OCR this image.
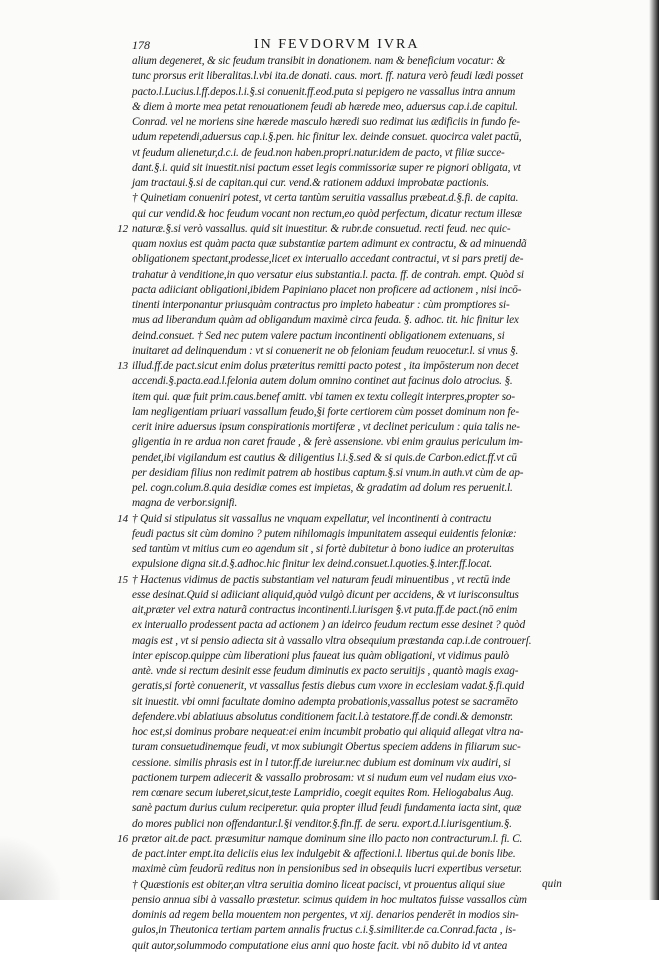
178	IN FEVDORVM IVRA
alium degeneret, & sic feudum transibit in donationem. nam & beneficium vocatur: &
tunc prorsus erit liberalitas.l.vbi ita.de donati. caus. mort. ff. natura verò feudi lædi posset
pacto.l.Lucius.l.ff.depos.l.i.§.si conuenit.ff.eod.puta si pepigero ne vassallus intra annum
& diem à morte mea petat renouationem feudi ab hærede meo, aduersus cap.i.de capitul.
Conrad. vel ne moriens sine hærede masculo hæredi suo redimat ius ædificiis in fundo fe-
udum repetendi,aduersus cap.i.§.pen. hic finitur lex. deinde consuet. quocirca valet pactū,
vt feudum alienetur,d.c.i. de feud.non haben.propri.natur.idem de pacto, vt filiæ succe-
dant.§.i. quid sit inuestit.nisi pactum esset legis commissoriæ super re pignori obligata, vt
jam tractaui.§.si de capitan.qui cur. vend.& rationem adduxi improbatæ pactionis.
† Quinetiam conueniri potest, vt certa tantùm seruitia vassallus præbeat.d.§.fi. de capita.
qui cur vendid.& hoc feudum vocant non rectum,eo quòd perfectum, dicatur rectum illesæ
naturæ.§.si verò vassallus. quid sit inuestitur. & rubr.de consuetud. recti feud. nec quic-
12
quam noxius est quàm pacta quæ substantiæ partem adimunt ex contractu, & ad minuendã
obligationem spectant,prodesse,licet ex interuallo accedant contractui, vt si pars pretij de-
trahatur à venditione,in quo versatur eius substantia.l. pacta. ff. de contrah. empt. Quòd si
pacta adiiciant obligationi,ibidem Papiniano placet non proficere ad actionem , nisi incō-
tinenti interponantur priusquàm contractus pro impleto habeatur : cùm promptiores si-
mus ad liberandum quàm ad obligandum maximè circa feuda. §. adhoc. tit. hic finitur lex
deind.consuet. † Sed nec putem valere pactum incontinenti obligationem extenuans, si
inuitaret ad delinquendum : vt si conuenerit ne ob feloniam feudum reuocetur.l. si vnus §.
illud.ff.de pact.sicut enim dolus præteritus remitti pacto potest , ita impōsterum non decet
13
accendi.§.pacta.ead.l.felonia autem dolum omnino continet aut facinus dolo atrocius. §.
item qui. quæ fuit prim.caus.benef amitt. vbi tamen ex textu collegit interpres,propter so-
lam negligentiam priuari vassallum feudo,§i forte certiorem cùm posset dominum non fe-
cerit inire aduersus ipsum conspirationis mortiferæ , vt declinet periculum : quia talis ne-
gligentia in re ardua non caret fraude , & ferè assensione. vbi enim grauius periculum im-
pendet,ibi vigilandum est cautius & diligentius l.i.§.sed & si quis.de Carbon.edict.ff.vt cū
per desidiam filius non redimit patrem ab hostibus captum.§.si vnum.in auth.vt cùm de ap-
pel. cogn.colum.8.quia desidiæ comes est impietas, & gradatim ad dolum res peruenit.l.
magna de verbor.signifi.
† Quid si stipulatus sit vassallus ne vnquam expellatur, vel incontinenti à contractu
14
feudi pactus sit cùm domino ? putem nihilomagis impunitatem assequi euidentis feloniæ:
sed tantùm vt mitius cum eo agendum sit , si fortè dubitetur à bono iudice an proteruitas
expulsione digna sit.d.§.adhoc.hic finitur lex deind.consuet.l.quoties.§.inter.ff.locat.
† Hactenus vidimus de pactis substantiam vel naturam feudi minuentibus , vt rectū inde
15
esse desinat.Quid si adiiciant aliquid,quòd vulgò dicunt per accidens, & vt iurisconsultus
ait,præter vel extra naturã contractus incontinenti.l.iurisgen §.vt puta.ff.de pact.(nō enim
ex interuallo prodessent pacta ad actionem ) an ideirco feudum rectum esse desinet ? quòd
magis est , vt si pensio adiecta sit à vassallo vltra obsequium præstanda cap.i.de controuerſ.
inter episcop.quippe cùm liberationi plus faueat ius quàm obligationi, vt vidimus paulò
antè. vnde si rectum desinit esse feudum diminutis ex pacto seruitijs , quantò magis exag-
geratis,si fortè conuenerit, vt vassallus festis diebus cum vxore in ecclesiam vadat.§.fi.quid
sit inuestit. vbi omni facultate domino adempta probationis,vassallus potest se sacramēto
defendere.vbi ablatiuus absolutus conditionem facit.l.à testatore.ff.de condi.& demonstr.
hoc est,si dominus probare nequeat:ei enim incumbit probatio qui aliquid allegat vltra na-
turam consuetudinemque feudi, vt mox subiungit Obertus speciem addens in filiarum suc-
cessione. similis phrasis est in l tutor.ff.de iureiur.nec dubium est dominum vix audiri, si
pactionem turpem adiecerit & vassallo probrosam: vt si nudum eum vel nudam eius vxo-
rem cœnare secum iuberet,sicut,teste Lampridio, coegit equites Rom. Heliogabalus Aug.
sanè pactum durius culum reciperetur. quia propter illud feudi fundamenta iacta sint, quæ
do mores publici non offendantur.l.§i venditor.§.fin.ff. de seru. export.d.l.iurisgentium.§.
prætor ait.de pact. præsumitur namque dominum sine illo pacto non contracturum.l. fi. C.
16
de pact.inter empt.ita deliciis eius lex indulgebit & affectioni.l. libertus qui.de bonis libe.
maximè cùm feudorū reditus non in pensionibus sed in obsequiis lucri expertibus versetur.
† Quæstionis est obiter,an vltra seruitia domino liceat pacisci, vt prouentus aliqui siue
pensio annua sibi à vassallo præstetur. scimus quidem in hoc multatos fuisse vassallos cùm
dominis ad regem bella mouentem non pergentes, vt xij. denarios penderēt in modios sin-
gulos,in Theutonica tertiam partem annalis fructus c.i.§.similiter.de ca.Conrad.facta , is-
quit autor,solummodo computatione eius anni quo hoste facit. vbi nō dubito id vt antea
quin
